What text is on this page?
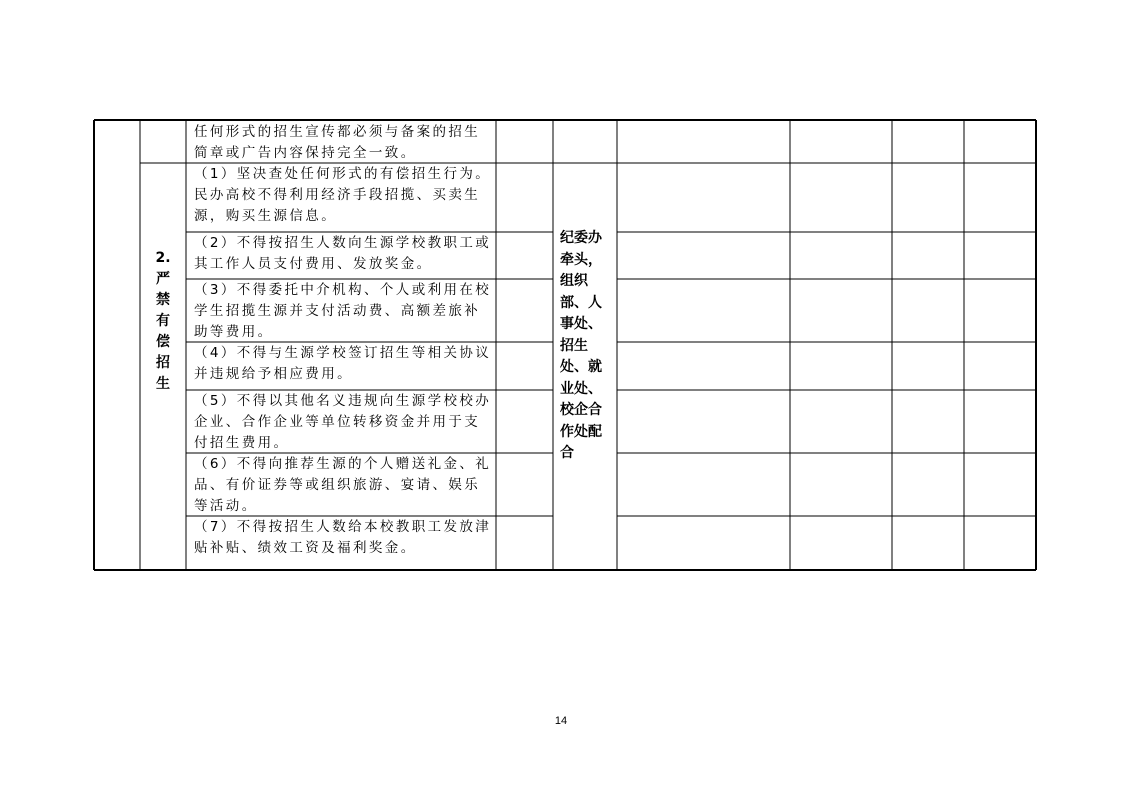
任何形式的招生宣传都必须与备案的招生
简章或广告内容保持完全一致。
2.
严
禁
有
偿
招
生
纪委办
牵头，
组织
部、人
事处、
招生
处、就
业处、
校企合
作处配
合
（1）坚决查处任何形式的有偿招生行为。
民办高校不得利用经济手段招揽、买卖生
源，购买生源信息。
（2）不得按招生人数向生源学校教职工或
其工作人员支付费用、发放奖金。
（3）不得委托中介机构、个人或利用在校
学生招揽生源并支付活动费、高额差旅补
助等费用。
（4）不得与生源学校签订招生等相关协议
并违规给予相应费用。
（5）不得以其他名义违规向生源学校校办
企业、合作企业等单位转移资金并用于支
付招生费用。
（6）不得向推荐生源的个人赠送礼金、礼
品、有价证券等或组织旅游、宴请、娱乐
等活动。
（7）不得按招生人数给本校教职工发放津
贴补贴、绩效工资及福利奖金。
14
